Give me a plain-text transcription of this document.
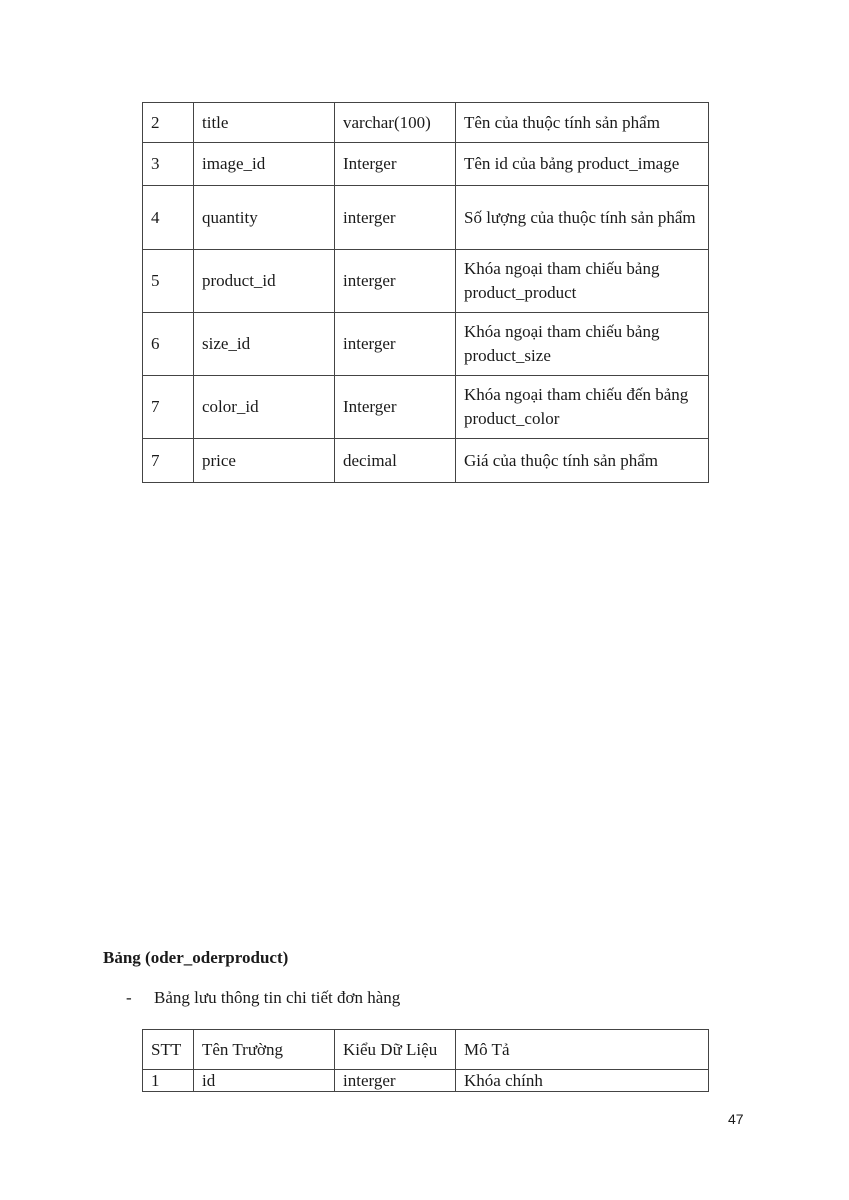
2	title	varchar(100)	Tên của thuộc tính sản phẩm
3	image_id	Interger	Tên id của bảng product_image
4	quantity	interger	Số lượng của thuộc tính sản phẩm
5	product_id	interger	Khóa ngoại tham chiếu bảng product_product
6	size_id	interger	Khóa ngoại tham chiếu bảng product_size
7	color_id	Interger	Khóa ngoại tham chiếu đến bảng product_color
7	price	decimal	Giá của thuộc tính sản phẩm

Bảng (oder_oderproduct)

- Bảng lưu thông tin chi tiết đơn hàng
STT	Tên Trường	Kiểu Dữ Liệu	Mô Tả
1	id	interger	Khóa chính
47
